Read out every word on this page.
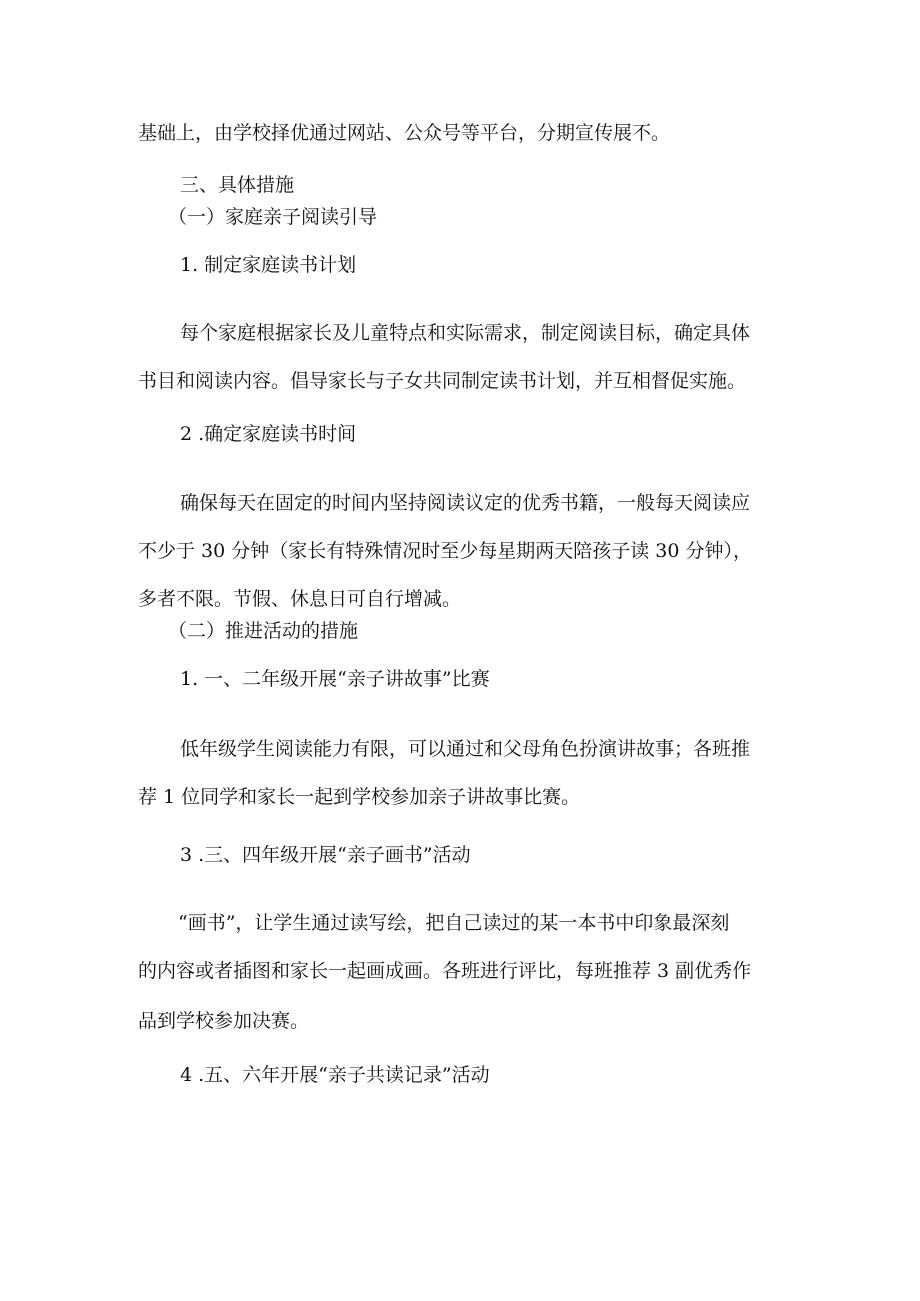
基础上，由学校择优通过网站、公众号等平台，分期宣传展不。

三、具体措施

（一）家庭亲子阅读引导

1. 制定家庭读书计划

每个家庭根据家长及儿童特点和实际需求，制定阅读目标，确定具体

书目和阅读内容。倡导家长与子女共同制定读书计划，并互相督促实施。

2 .确定家庭读书时间

确保每天在固定的时间内坚持阅读议定的优秀书籍，一般每天阅读应

不少于 30 分钟（家长有特殊情况时至少每星期两天陪孩子读 30 分钟），

多者不限。节假、休息日可自行增减。

（二）推进活动的措施

1. 一、二年级开展“亲子讲故事”比赛

低年级学生阅读能力有限，可以通过和父母角色扮演讲故事；各班推

荐 1 位同学和家长一起到学校参加亲子讲故事比赛。

3 .三、四年级开展“亲子画书”活动

“画书”，让学生通过读写绘，把自己读过的某一本书中印象最深刻

的内容或者插图和家长一起画成画。各班进行评比，每班推荐 3 副优秀作

品到学校参加决赛。

4 .五、六年开展“亲子共读记录”活动
